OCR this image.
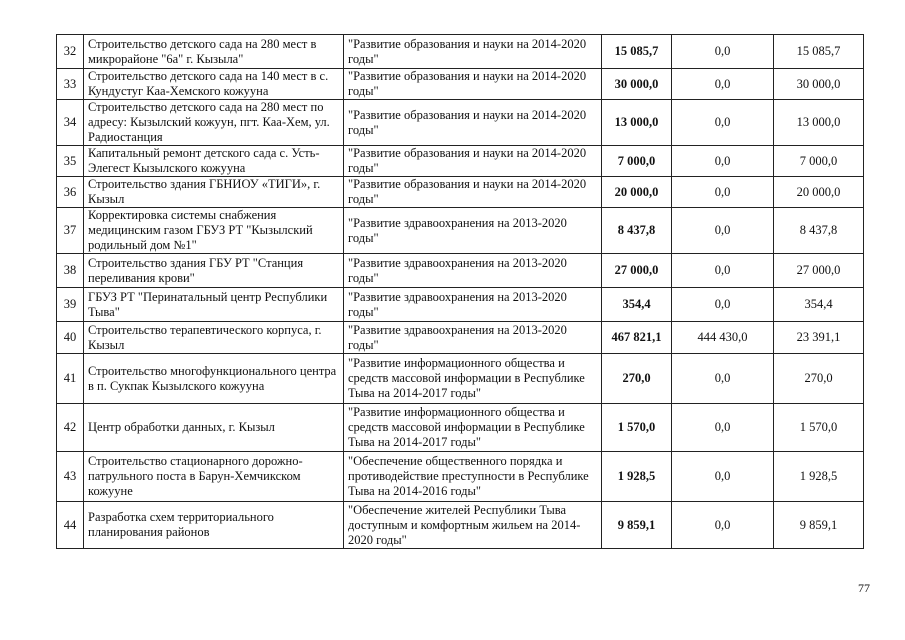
32	Строительство детского сада на 280 мест в микрорайоне "6а" г. Кызыла"	"Развитие образования и науки на 2014-2020 годы"	15 085,7	0,0	15 085,7
33	Строительство детского сада на 140 мест в с. Кундустуг Каа-Хемского кожууна	"Развитие образования и науки на 2014-2020 годы"	30 000,0	0,0	30 000,0
34	Строительство детского сада на 280 мест по адресу: Кызылский кожуун, пгт. Каа-Хем, ул. Радиостанция	"Развитие образования и науки на 2014-2020 годы"	13 000,0	0,0	13 000,0
35	Капитальный ремонт детского сада с. Усть-Элегест Кызылского кожууна	"Развитие образования и науки на 2014-2020 годы"	7 000,0	0,0	7 000,0
36	Строительство здания ГБНИОУ «ТИГИ», г. Кызыл	"Развитие образования и науки на 2014-2020 годы"	20 000,0	0,0	20 000,0
37	Корректировка системы снабжения медицинским газом ГБУЗ РТ "Кызылский родильный дом №1"	"Развитие здравоохранения на 2013-2020 годы"	8 437,8	0,0	8 437,8
38	Строительство здания ГБУ РТ "Станция переливания крови"	"Развитие здравоохранения на 2013-2020 годы"	27 000,0	0,0	27 000,0
39	ГБУЗ РТ "Перинатальный центр Республики Тыва"	"Развитие здравоохранения на 2013-2020 годы"	354,4	0,0	354,4
40	Строительство терапевтического корпуса, г. Кызыл	"Развитие здравоохранения на 2013-2020 годы"	467 821,1	444 430,0	23 391,1
41	Строительство многофункционального центра в п. Сукпак Кызылского кожууна	"Развитие информационного общества и средств массовой информации в Республике Тыва на 2014-2017 годы"	270,0	0,0	270,0
42	Центр обработки данных, г. Кызыл	"Развитие информационного общества и средств массовой информации в Республике Тыва на 2014-2017 годы"	1 570,0	0,0	1 570,0
43	Строительство стационарного дорожно-патрульного поста в Барун-Хемчикском кожууне	"Обеспечение общественного порядка и противодействие преступности в Республике Тыва на 2014-2016 годы"	1 928,5	0,0	1 928,5
44	Разработка схем территориального планирования районов	"Обеспечение жителей Республики Тыва доступным и комфортным жильем на 2014-2020 годы"	9 859,1	0,0	9 859,1
77
